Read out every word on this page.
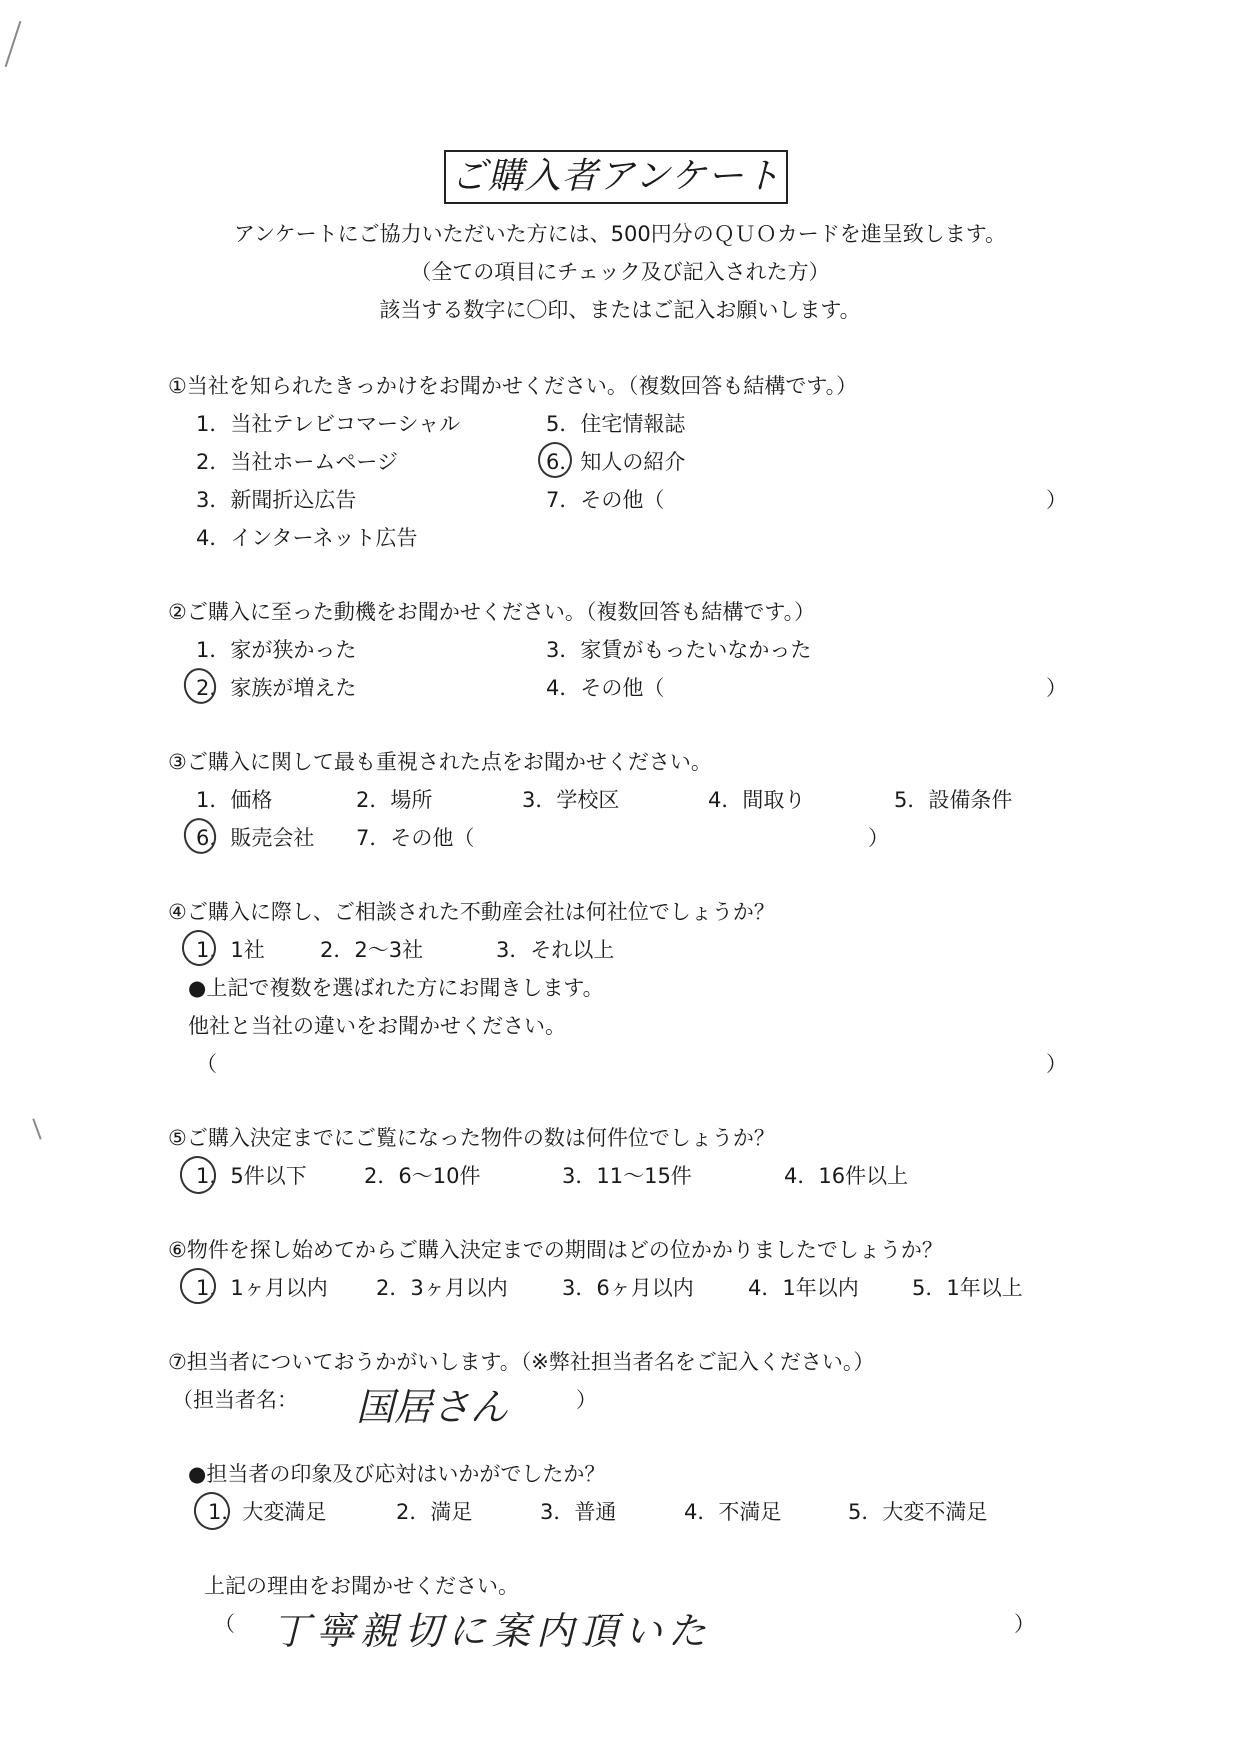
ご購入者アンケート
アンケートにご協力いただいた方には、500円分のＱＵＯカードを進呈致します。
（全ての項目にチェック及び記入された方）
該当する数字に〇印、またはご記入お願いします。
①当社を知られたきっかけをお聞かせください。（複数回答も結構です。）
1．当社テレビコマーシャル
2．当社ホームページ
3．新聞折込広告
4．インターネット広告
5．住宅情報誌
6．知人の紹介
7．その他（	）
②ご購入に至った動機をお聞かせください。（複数回答も結構です。）
1．家が狭かった
2．家族が増えた
3．家賃がもったいなかった
4．その他（	）
③ご購入に関して最も重視された点をお聞かせください。
1．価格	2．場所	3．学校区	4．間取り	5．設備条件
6．販売会社 7．その他（	）
④ご購入に際し、ご相談された不動産会社は何社位でしょうか？
1．1社	2．2〜3社	3．それ以上
●上記で複数を選ばれた方にお聞きします。
他社と当社の違いをお聞かせください。
（	）
⑤ご購入決定までにご覧になった物件の数は何件位でしょうか？
1．5件以下	2．6〜10件	3．11〜15件	4．16件以上
⑥物件を探し始めてからご購入決定までの期間はどの位かかりましたでしょうか？
1．1ヶ月以内 2．3ヶ月以内	3．6ヶ月以内	4．1年以内	5．1年以上
⑦担当者についておうかがいします。（※弊社担当者名をご記入ください。）
（担当者名： 国居さん	）
●担当者の印象及び応対はいかがでしたか？
1．大変満足	2．満足	3．普通	4．不満足	5．大変不満足
上記の理由をお聞かせください。
（ 丁寧親切に案内頂いた	）
